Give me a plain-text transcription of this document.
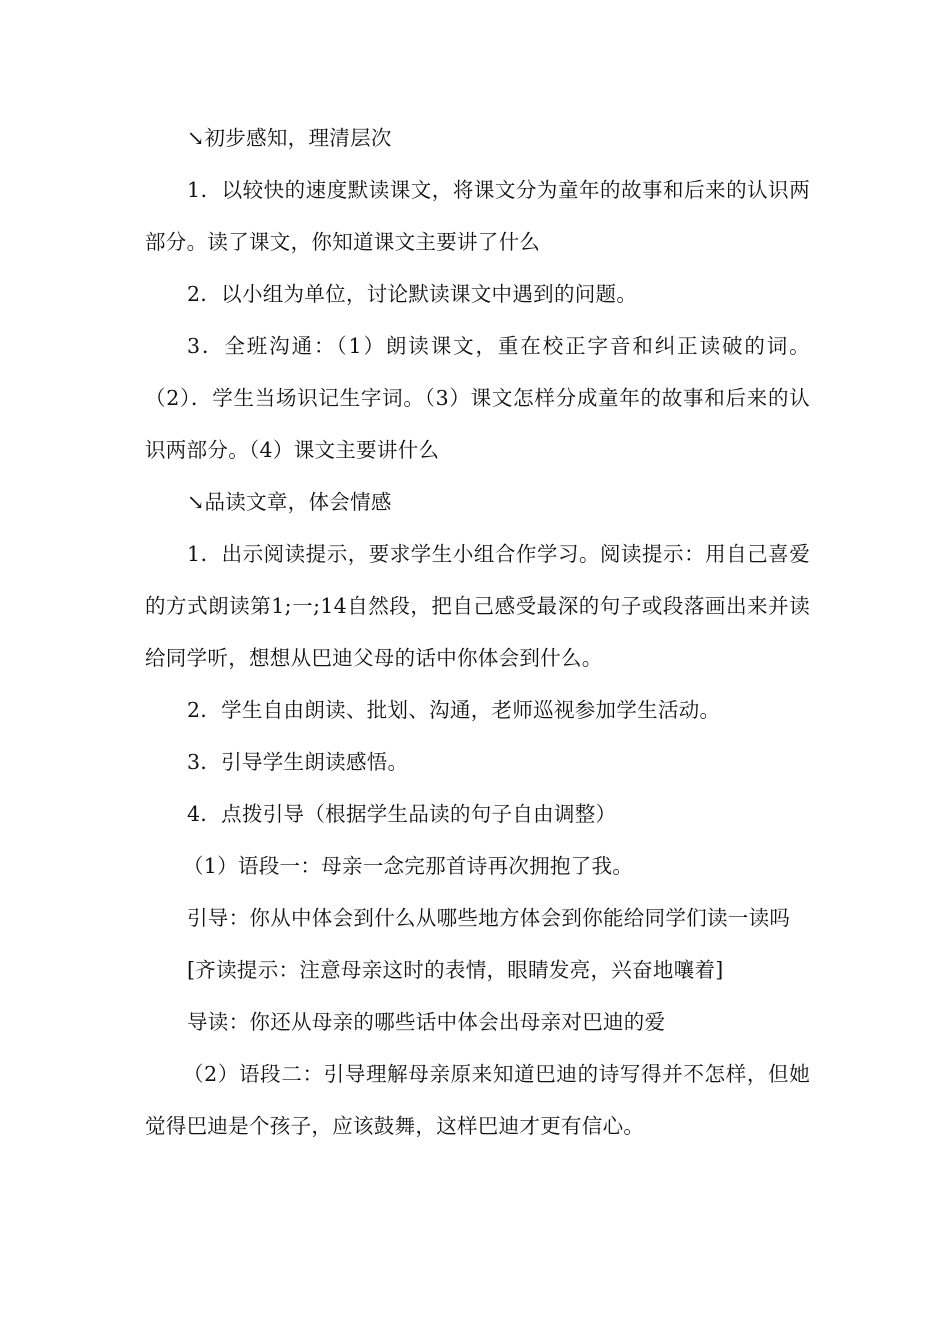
↘初步感知，理清层次

1．以较快的速度默读课文，将课文分为童年的故事和后来的认识两部分。读了课文，你知道课文主要讲了什么

2．以小组为单位，讨论默读课文中遇到的问题。

3．全班沟通：（1）朗读课文，重在校正字音和纠正读破的词。（2）．学生当场识记生字词。（3）课文怎样分成童年的故事和后来的认识两部分。（4）课文主要讲什么

↘品读文章，体会情感

1．出示阅读提示，要求学生小组合作学习。阅读提示：用自己喜爱的方式朗读第1;一;14自然段，把自己感受最深的句子或段落画出来并读给同学听，想想从巴迪父母的话中你体会到什么。

2．学生自由朗读、批划、沟通，老师巡视参加学生活动。

3．引导学生朗读感悟。

4．点拨引导（根据学生品读的句子自由调整）

（1）语段一：母亲一念完那首诗再次拥抱了我。

引导：你从中体会到什么从哪些地方体会到你能给同学们读一读吗

[齐读提示：注意母亲这时的表情，眼睛发亮，兴奋地嚷着]

导读：你还从母亲的哪些话中体会出母亲对巴迪的爱

（2）语段二：引导理解母亲原来知道巴迪的诗写得并不怎样，但她觉得巴迪是个孩子，应该鼓舞，这样巴迪才更有信心。
